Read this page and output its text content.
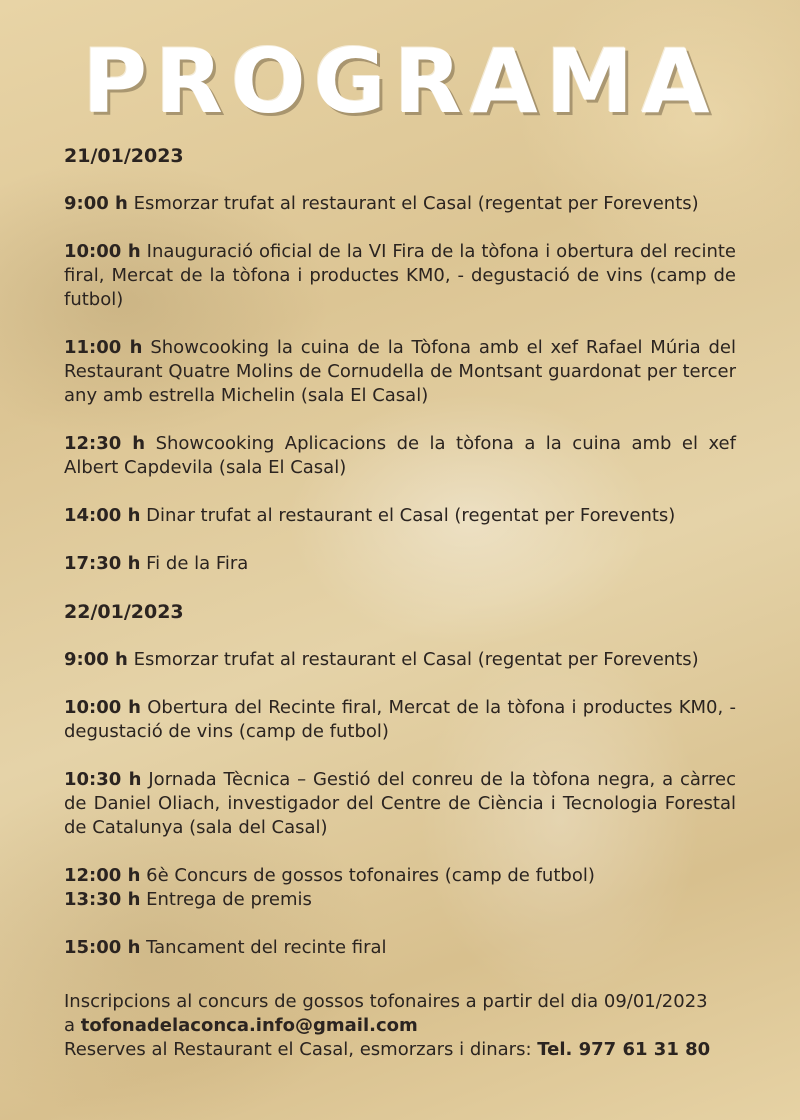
PROGRAMA
21/01/2023

9:00 h Esmorzar trufat al restaurant el Casal (regentat per Forevents)

10:00 h Inauguració oficial de la VI Fira de la tòfona i obertura del recinte firal, Mercat de la tòfona i productes KM0, - degustació de vins (camp de futbol)

11:00 h Showcooking la cuina de la Tòfona amb el xef Rafael Múria del Restaurant Quatre Molins de Cornudella de Montsant guardonat per tercer any amb estrella Michelin (sala El Casal)

12:30 h Showcooking Aplicacions de la tòfona a la cuina amb el xef Albert Capdevila (sala El Casal)

14:00 h Dinar trufat al restaurant el Casal (regentat per Forevents)

17:30 h Fi de la Fira

22/01/2023

9:00 h Esmorzar trufat al restaurant el Casal (regentat per Forevents)

10:00 h Obertura del Recinte firal, Mercat de la tòfona i productes KM0, - degustació de vins (camp de futbol)

10:30 h Jornada Tècnica – Gestió del conreu de la tòfona negra, a càrrec de Daniel Oliach, investigador del Centre de Ciència i Tecnologia Forestal de Catalunya (sala del Casal)

12:00 h 6è Concurs de gossos tofonaires (camp de futbol)

13:30 h Entrega de premis

15:00 h Tancament del recinte firal

Inscripcions al concurs de gossos tofonaires a partir del dia 09/01/2023

a tofonadelaconca.info@gmail.com

Reserves al Restaurant el Casal, esmorzars i dinars: Tel. 977 61 31 80
